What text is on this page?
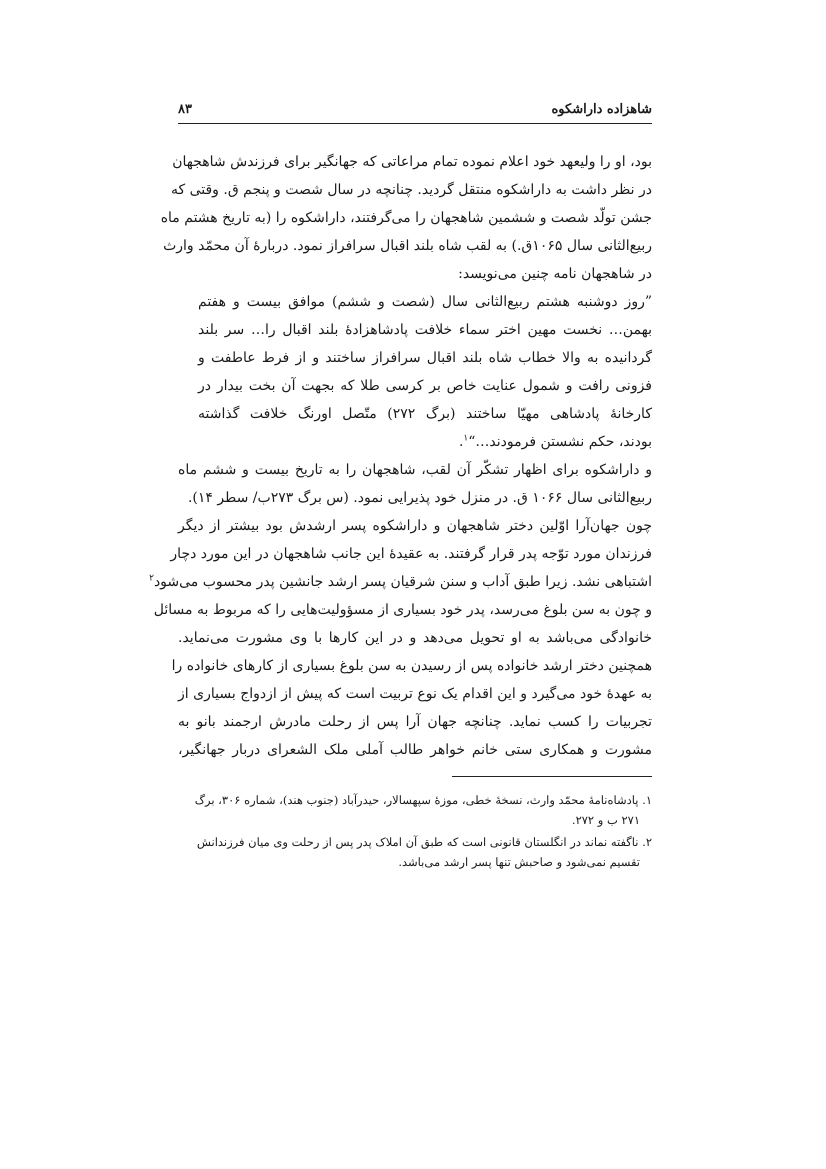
شاهزاده داراشکوه
۸۳
بود، او را ولیعهد خود اعلام نموده تمام مراعاتی که جهانگیر برای فرزندش شاهجهان
در نظر داشت به داراشکوه منتقل گردید. چنانچه در سال شصت و پنجم ق. وقتی که
جشن تولّد شصت و ششمین شاهجهان را می‌گرفتند، داراشکوه را (به تاریخ هشتم ماه
ربیع‌الثانی سال ۱۰۶۵ق.) به لقب شاه بلند اقبال سرافراز نمود. دربارۀ آن محمّد وارث
در شاهجهان نامه چنین می‌نویسد:
”روز دوشنبه هشتم ربیع‌الثانی سال (شصت و ششم) موافق بیست و هفتم
بهمن… نخست مهین اختر سماء خلافت پادشاهزادۀ بلند اقبال را… سر بلند
گردانیده به والا خطاب شاه بلند اقبال سرافراز ساختند و از فرط عاطفت و
فزونی رافت و شمول عنایت خاص بر کرسی طلا که بجهت آن بخت بیدار در
کارخانۀ پادشاهی مهیّا ساختند (برگ ۲۷۲) متّصل اورنگ خلافت گذاشته
بودند، حکم نشستن فرمودند…“$^۱$.
و داراشکوه برای اظهار تشکّر آن لقب، شاهجهان را به تاریخ بیست و ششم ماه
ربیع‌الثانی سال ۱۰۶۶ ق. در منزل خود پذیرایی نمود. (س برگ ۲۷۳ب/ سطر ۱۴).
چون جهان‌آرا اوّلین دختر شاهجهان و داراشکوه پسر ارشدش بود بیشتر از دیگر
فرزندان مورد توّجه پدر قرار گرفتند. به عقیدۀ این جانب شاهجهان در این مورد دچار
اشتباهی نشد. زیرا طبق آداب و سنن شرقیان پسر ارشد جانشین پدر محسوب می‌شود$^۲$
و چون به سن بلوغ می‌رسد، پدر خود بسیاری از مسؤولیت‌هایی را که مربوط به مسائل
خانوادگی می‌باشد به او تحویل می‌دهد و در این کارها با وی مشورت می‌نماید.
همچنین دختر ارشد خانواده پس از رسیدن به سن بلوغ بسیاری از کارهای خانواده را
به عهدۀ خود می‌گیرد و این اقدام یک نوع تربیت است که پیش از ازدواج بسیاری از
تجربیات را کسب نماید. چنانچه جهان آرا پس از رحلت مادرش ارجمند بانو به
مشورت و همکاری ستی خانم خواهر طالب آملی ملک الشعرای دربار جهانگیر،
۱. پادشاه‌نامۀ محمّد وارث، نسخۀ خطی، موزۀ سپهسالار، حیدرآباد (جنوب هند)، شماره ۳۰۶، برگ
۲۷۱ ب و ۲۷۲.
۲. ناگفته نماند در انگلستان قانونی است که طبق آن املاک پدر پس از رحلت وی میان فرزندانش
تقسیم نمی‌شود و صاحبش تنها پسر ارشد می‌باشد.
